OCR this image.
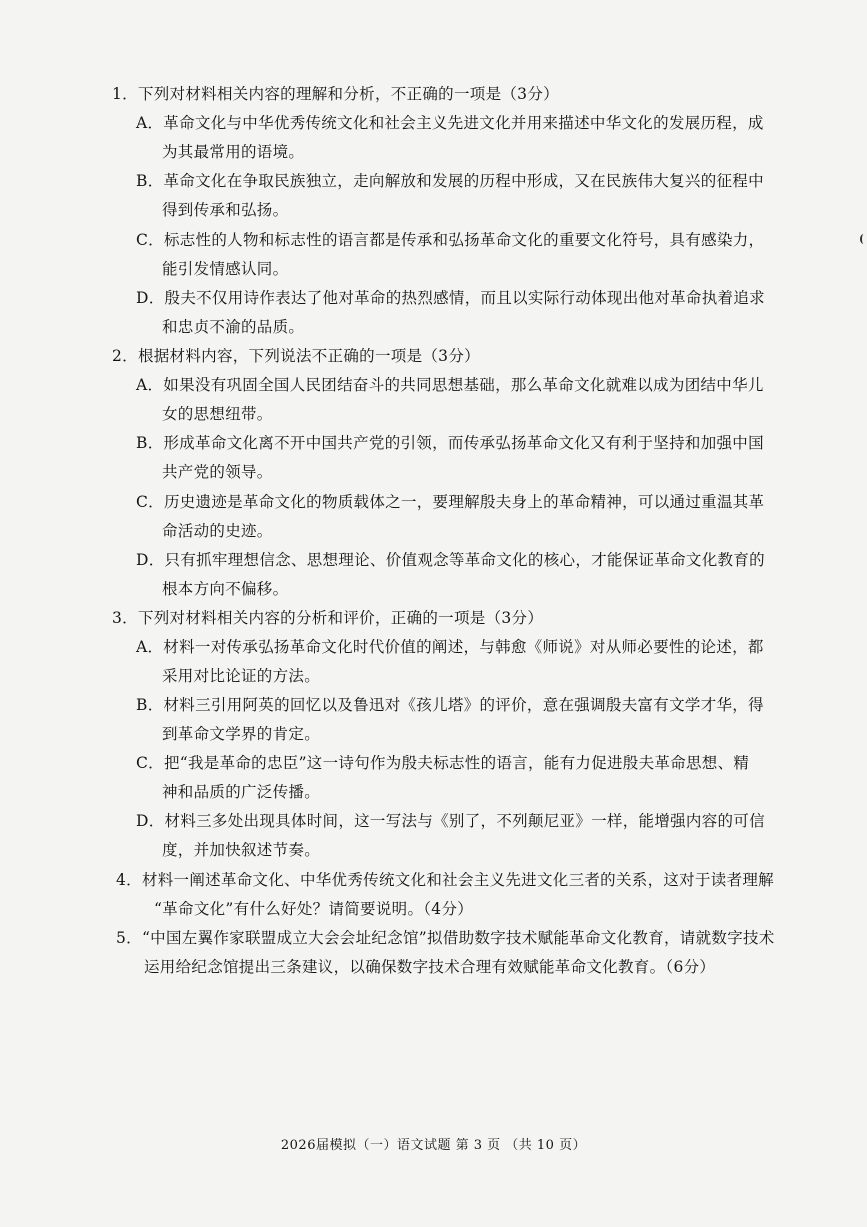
1．下列对材料相关内容的理解和分析，不正确的一项是（3分）
A．革命文化与中华优秀传统文化和社会主义先进文化并用来描述中华文化的发展历程，成
为其最常用的语境。
B．革命文化在争取民族独立，走向解放和发展的历程中形成，又在民族伟大复兴的征程中
得到传承和弘扬。
C．标志性的人物和标志性的语言都是传承和弘扬革命文化的重要文化符号，具有感染力，
能引发情感认同。
D．殷夫不仅用诗作表达了他对革命的热烈感情，而且以实际行动体现出他对革命执着追求
和忠贞不渝的品质。
2．根据材料内容，下列说法不正确的一项是（3分）
A．如果没有巩固全国人民团结奋斗的共同思想基础，那么革命文化就难以成为团结中华儿
女的思想纽带。
B．形成革命文化离不开中国共产党的引领，而传承弘扬革命文化又有利于坚持和加强中国
共产党的领导。
C．历史遗迹是革命文化的物质载体之一，要理解殷夫身上的革命精神，可以通过重温其革
命活动的史迹。
D．只有抓牢理想信念、思想理论、价值观念等革命文化的核心，才能保证革命文化教育的
根本方向不偏移。
3．下列对材料相关内容的分析和评价，正确的一项是（3分）
A．材料一对传承弘扬革命文化时代价值的阐述，与韩愈《师说》对从师必要性的论述，都
采用对比论证的方法。
B．材料三引用阿英的回忆以及鲁迅对《孩儿塔》的评价，意在强调殷夫富有文学才华，得
到革命文学界的肯定。
C．把“我是革命的忠臣”这一诗句作为殷夫标志性的语言，能有力促进殷夫革命思想、精
神和品质的广泛传播。
D．材料三多处出现具体时间，这一写法与《别了，不列颠尼亚》一样，能增强内容的可信
度，并加快叙述节奏。
4．材料一阐述革命文化、中华优秀传统文化和社会主义先进文化三者的关系，这对于读者理解
“革命文化”有什么好处？请简要说明。（4分）
5．“中国左翼作家联盟成立大会会址纪念馆”拟借助数字技术赋能革命文化教育，请就数字技术
运用给纪念馆提出三条建议，以确保数字技术合理有效赋能革命文化教育。（6分）
2026届模拟（一）语文试题 第 3 页 （共 10 页）
